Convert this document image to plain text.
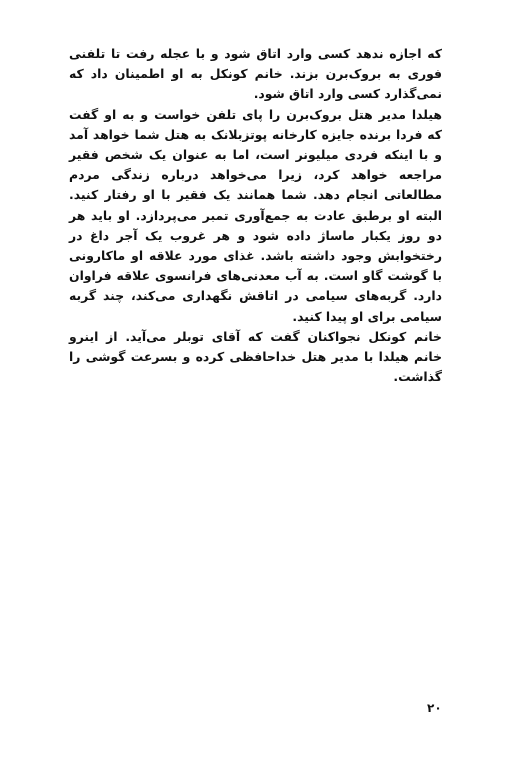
که اجازه ندهد کسی وارد اتاق شود و با عجله رفت تا تلفنی فوری به بروک‌برن بزند. خانم کونکل به او اطمینان داد که نمی‌گذارد کسی وارد اتاق شود.

هیلدا مدیر هتل بروک‌برن را پای تلفن خواست و به او گفت که فردا برنده جایزه کارخانه پوتزبلانک به هتل شما خواهد آمد و با اینکه فردی میلیونر است، اما به عنوان یک شخص فقیر مراجعه خواهد کرد، زیرا می‌خواهد درباره زندگی مردم مطالعاتی انجام دهد. شما همانند یک فقیر با او رفتار کنید. البته او برطبق عادت به جمع‌آوری تمبر می‌پردازد. او باید هر دو روز یکبار ماساژ داده شود و هر غروب یک آجر داغ در رختخوابش وجود داشته باشد. غذای مورد علاقه او ماکارونی با گوشت گاو است. به آب معدنی‌های فرانسوی علاقه فراوان دارد. گربه‌های سیامی در اتاقش نگهداری می‌کند، چند گربه سیامی برای او پیدا کنید.

خانم کونکل نجواکنان گفت که آقای توبلر می‌آید. از اینرو خانم هیلدا با مدیر هتل خداحافظی کرده و بسرعت گوشی را گذاشت.

۲۰
